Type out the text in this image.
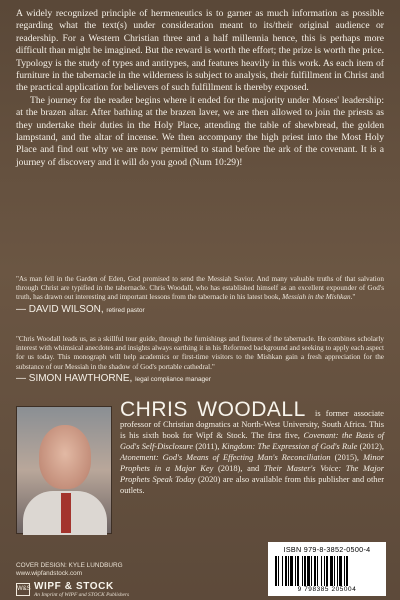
A widely recognized principle of hermeneutics is to garner as much information as possible regarding what the text(s) under consideration meant to its/their original audience or readership. For a Western Christian three and a half millennia hence, this is perhaps more difficult than might be imagined. But the reward is worth the effort; the prize is worth the price. Typology is the study of types and antitypes, and features heavily in this work. As each item of furniture in the tabernacle in the wilderness is subject to analysis, their fulfillment in Christ and the practical application for believers of such fulfillment is thereby exposed.

The journey for the reader begins where it ended for the majority under Moses' leadership: at the brazen altar. After bathing at the brazen laver, we are then allowed to join the priests as they undertake their duties in the Holy Place, attending the table of shewbread, the golden lampstand, and the altar of incense. We then accompany the high priest into the Most Holy Place and find out why we are now permitted to stand before the ark of the covenant. It is a journey of discovery and it will do you good (Num 10:29)!

"As man fell in the Garden of Eden, God promised to send the Messiah Savior. And many valuable truths of that salvation through Christ are typified in the tabernacle. Chris Woodall, who has established himself as an excellent expounder of God's truth, has drawn out interesting and important lessons from the tabernacle in his latest book, Messiah in the Mishkan."
— DAVID WILSON, retired pastor
"Chris Woodall leads us, as a skillful tour guide, through the furnishings and fixtures of the tabernacle. He combines scholarly interest with whimsical anecdotes and insights always earthing it in his Reformed background and seeking to apply each aspect for us today. This monograph will help academics or first-time visitors to the Mishkan gain a fresh appreciation for the substance of our Messiah in the shadow of God's portable cathedral."
— SIMON HAWTHORNE, legal compliance manager
CHRIS WOODALL is former associate professor of Christian dogmatics at North-West University, South Africa. This is his sixth book for Wipf & Stock. The first five, Covenant: the Basis of God's Self-Disclosure (2011), Kingdom: The Expression of God's Rule (2012), Atonement: God's Means of Effecting Man's Reconciliation (2015), Minor Prophets in a Major Key (2018), and Their Master's Voice: The Major Prophets Speak Today (2020) are also available from this publisher and other outlets.
COVER DESIGN: KYLE LUNDBURG
www.wipfandstock.com
W&S WIPF & STOCK
An Imprint of WIPF and STOCK Publishers
ISBN 979-8-3852-0500-4
9 798385 205004
